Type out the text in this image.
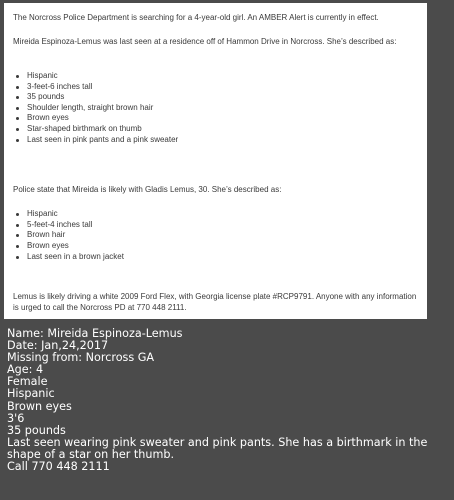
The Norcross Police Department is searching for a 4-year-old girl. An AMBER Alert is currently in effect.

Mireida Espinoza-Lemus was last seen at a residence off of Hammon Drive in Norcross. She’s described as:

Hispanic
3-feet-6 inches tall
35 pounds
Shoulder length, straight brown hair
Brown eyes
Star-shaped birthmark on thumb
Last seen in pink pants and a pink sweater

Police state that Mireida is likely with Gladis Lemus, 30. She’s described as:

Hispanic
5-feet-4 inches tall
Brown hair
Brown eyes
Last seen in a brown jacket

Lemus is likely driving a white 2009 Ford Flex, with Georgia license plate #RCP9791. Anyone with any information is urged to call the Norcross PD at 770 448 2111.

Name: Mireida Espinoza-Lemus
Date: Jan,24,2017
Missing from: Norcross GA
Age: 4
Female
Hispanic
Brown eyes
3'6
35 pounds
Last seen wearing pink sweater and pink pants. She has a birthmark in the shape of a star on her thumb.
Call 770 448 2111
